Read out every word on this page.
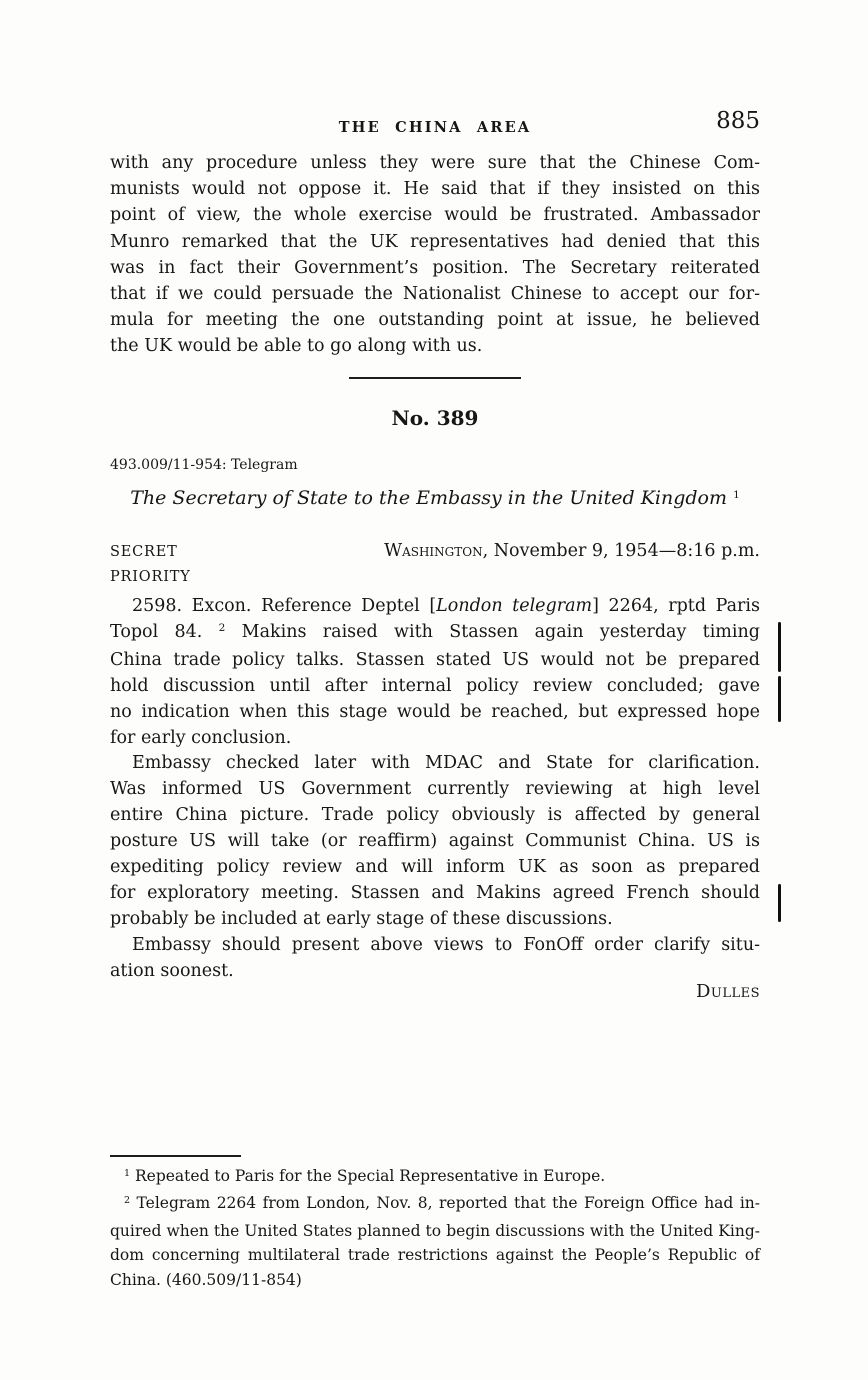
THE CHINA AREA	885
with any procedure unless they were sure that the Chinese Com-
munists would not oppose it. He said that if they insisted on this
point of view, the whole exercise would be frustrated. Ambassador
Munro remarked that the UK representatives had denied that this
was in fact their Government’s position. The Secretary reiterated
that if we could persuade the Nationalist Chinese to accept our for-
mula for meeting the one outstanding point at issue, he believed
the UK would be able to go along with us.
No. 389
493.009/11-954: Telegram
The Secretary of State to the Embassy in the United Kingdom $^1$
SECRET	Washington, November 9, 1954—8:16 p.m.
PRIORITY
2598. Excon. Reference Deptel [London telegram] 2264, rptd Paris
Topol 84. $^2$ Makins raised with Stassen again yesterday timing
China trade policy talks. Stassen stated US would not be prepared
hold discussion until after internal policy review concluded; gave
no indication when this stage would be reached, but expressed hope
for early conclusion.
Embassy checked later with MDAC and State for clarification.
Was informed US Government currently reviewing at high level
entire China picture. Trade policy obviously is affected by general
posture US will take (or reaffirm) against Communist China. US is
expediting policy review and will inform UK as soon as prepared
for exploratory meeting. Stassen and Makins agreed French should
probably be included at early stage of these discussions.
Embassy should present above views to FonOff order clarify situ-
ation soonest.
Dulles
$^1$ Repeated to Paris for the Special Representative in Europe.
$^2$ Telegram 2264 from London, Nov. 8, reported that the Foreign Office had in-
quired when the United States planned to begin discussions with the United King-
dom concerning multilateral trade restrictions against the People’s Republic of
China. (460.509/11-854)
